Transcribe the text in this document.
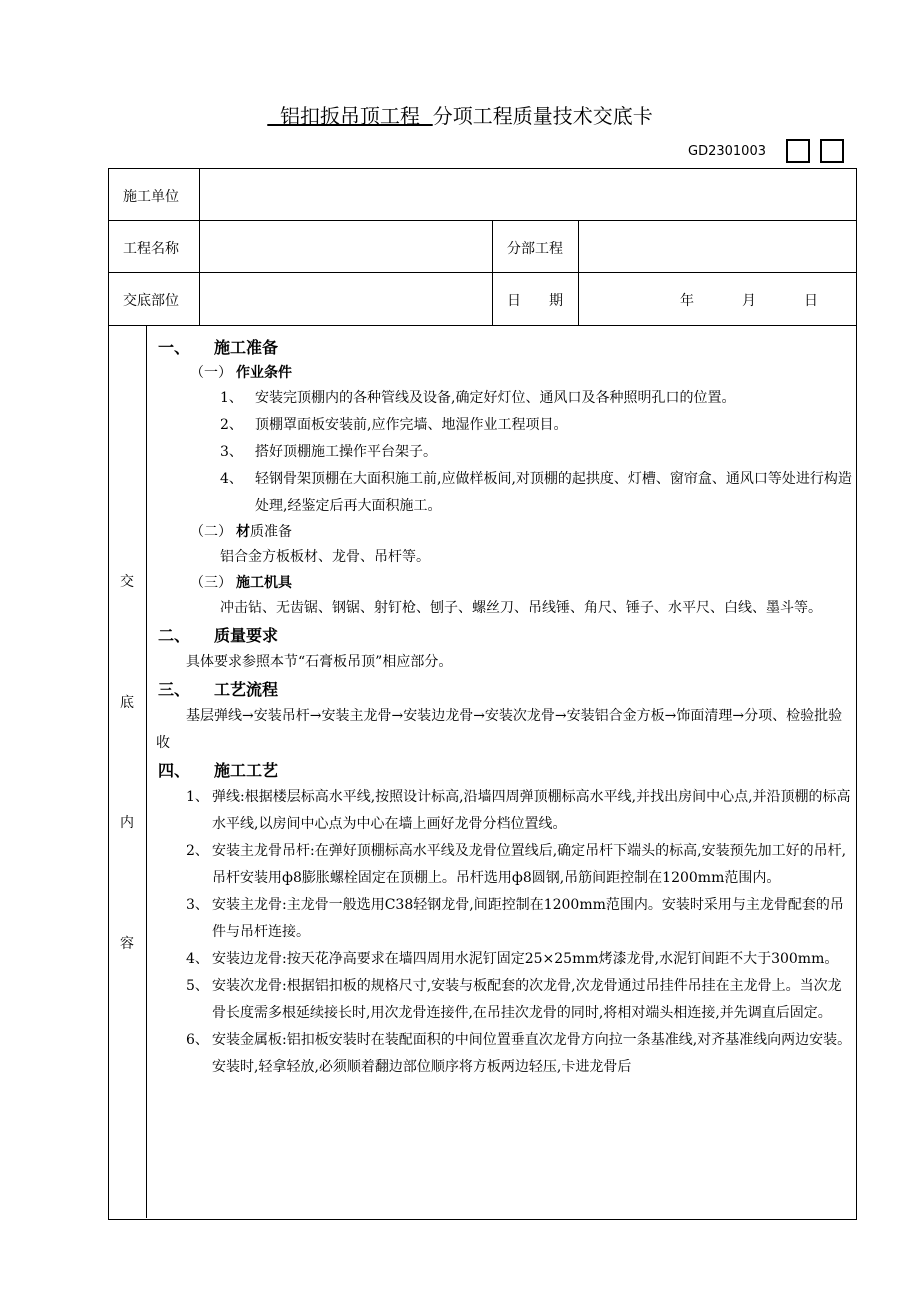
铝扣扳吊顶工程  分项工程质量技术交底卡
GD2301003
施工单位
工程名称	分部工程
交底部位	日　　期	年	月	日
交
底
内
容

一、 施工准备

（一） 作业条件

1、 安装完顶棚内的各种管线及设备,确定好灯位、通风口及各种照明孔口的位置。

2、 顶棚罩面板安装前,应作完墙、地湿作业工程项目。

3、 搭好顶棚施工操作平台架子。

4、 轻钢骨架顶棚在大面积施工前,应做样板间,对顶棚的起拱度、灯槽、窗帘盒、通风口等处进行构造处理,经鉴定后再大面积施工。

（二） 材质准备

铝合金方板板材、龙骨、吊杆等。

（三） 施工机具

冲击钻、无齿锯、钢锯、射钉枪、刨子、螺丝刀、吊线锤、角尺、锤子、水平尺、白线、墨斗等。

二、 质量要求

具体要求参照本节“石膏板吊顶”相应部分。

三、 工艺流程

基层弹线→安装吊杆→安装主龙骨→安装边龙骨→安装次龙骨→安装铝合金方板→饰面清理→分项、检验批验收

四、 施工工艺

1、 弹线:根据楼层标高水平线,按照设计标高,沿墙四周弹顶棚标高水平线,并找出房间中心点,并沿顶棚的标高水平线,以房间中心点为中心在墙上画好龙骨分档位置线。

2、 安装主龙骨吊杆:在弹好顶棚标高水平线及龙骨位置线后,确定吊杆下端头的标高,安装预先加工好的吊杆,吊杆安装用ф8膨胀螺栓固定在顶棚上。吊杆选用ф8圆钢,吊筋间距控制在1200mm范围内。

3、 安装主龙骨:主龙骨一般选用C38轻钢龙骨,间距控制在1200mm范围内。安装时采用与主龙骨配套的吊件与吊杆连接。

4、 安装边龙骨:按天花净高要求在墙四周用水泥钉固定25×25mm烤漆龙骨,水泥钉间距不大于300mm。

5、 安装次龙骨:根据铝扣板的规格尺寸,安装与板配套的次龙骨,次龙骨通过吊挂件吊挂在主龙骨上。当次龙骨长度需多根延续接长时,用次龙骨连接件,在吊挂次龙骨的同时,将相对端头相连接,并先调直后固定。

6、 安装金属板:铝扣板安装时在装配面积的中间位置垂直次龙骨方向拉一条基准线,对齐基准线向两边安装。安装时,轻拿轻放,必须顺着翻边部位顺序将方板两边轻压,卡进龙骨后
